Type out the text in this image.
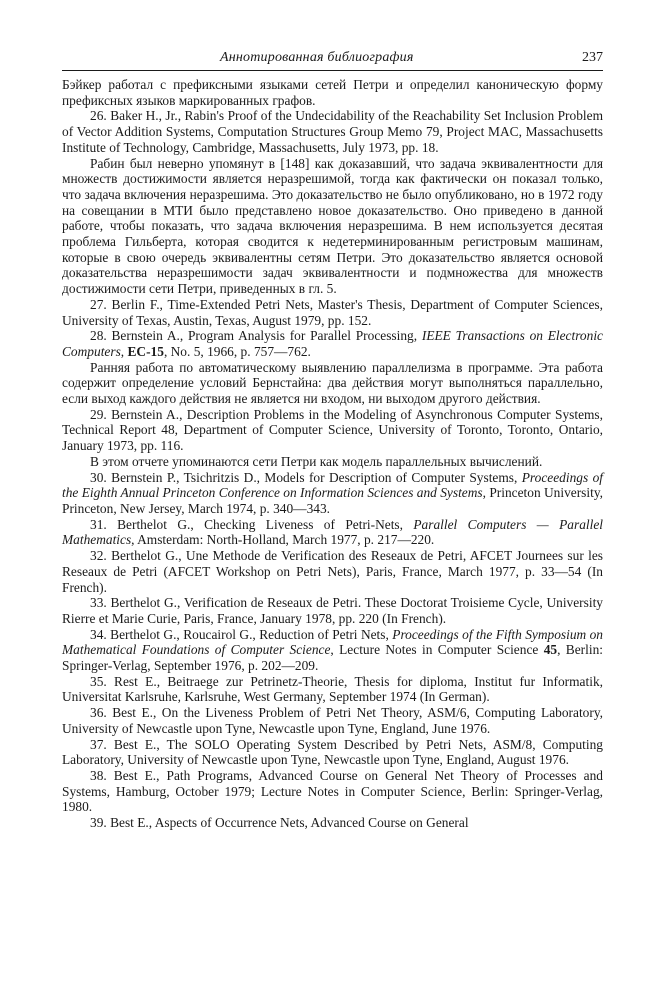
Аннотированная библиография	237

Бэйкер работал с префиксными языками сетей Петри и определил каноническую форму префиксных языков маркированных графов.

26. Baker H., Jr., Rabin's Proof of the Undecidability of the Reachability Set Inclusion Problem of Vector Addition Systems, Computation Structures Group Memo 79, Project MAC, Massachusetts Institute of Technology, Cambridge, Massachusetts, July 1973, pp. 18.

Рабин был неверно упомянут в [148] как доказавший, что задача эквивалентности для множеств достижимости является неразрешимой, тогда как фактически он показал только, что задача включения неразрешима. Это доказательство не было опубликовано, но в 1972 году на совещании в МТИ было представлено новое доказательство. Оно приведено в данной работе, чтобы показать, что задача включения неразрешима. В нем используется десятая проблема Гильберта, которая сводится к недетерминированным регистровым машинам, которые в свою очередь эквивалентны сетям Петри. Это доказательство является основой доказательства неразрешимости задач эквивалентности и подмножества для множеств достижимости сети Петри, приведенных в гл. 5.

27. Berlin F., Time-Extended Petri Nets, Master's Thesis, Department of Computer Sciences, University of Texas, Austin, Texas, August 1979, pp. 152.

28. Bernstein A., Program Analysis for Parallel Processing, IEEE Transactions on Electronic Computers, EC-15, No. 5, 1966, p. 757—762.

Ранняя работа по автоматическому выявлению параллелизма в программе. Эта работа содержит определение условий Бернстайна: два действия могут выполняться параллельно, если выход каждого действия не является ни входом, ни выходом другого действия.

29. Bernstein A., Description Problems in the Modeling of Asynchronous Computer Systems, Technical Report 48, Department of Computer Science, University of Toronto, Toronto, Ontario, January 1973, pp. 116.

В этом отчете упоминаются сети Петри как модель параллельных вычислений.

30. Bernstein P., Tsichritzis D., Models for Description of Computer Systems, Proceedings of the Eighth Annual Princeton Conference on Information Sciences and Systems, Princeton University, Princeton, New Jersey, March 1974, p. 340—343.

31. Berthelot G., Checking Liveness of Petri-Nets, Parallel Computers — Parallel Mathematics, Amsterdam: North-Holland, March 1977, p. 217—220.

32. Berthelot G., Une Methode de Verification des Reseaux de Petri, AFCET Journees sur les Reseaux de Petri (AFCET Workshop on Petri Nets), Paris, France, March 1977, p. 33—54 (In French).

33. Berthelot G., Verification de Reseaux de Petri. These Doctorat Troisieme Cycle, University Rierre et Marie Curie, Paris, France, January 1978, pp. 220 (In French).

34. Berthelot G., Roucairol G., Reduction of Petri Nets, Proceedings of the Fifth Symposium on Mathematical Foundations of Computer Science, Lecture Notes in Computer Science 45, Berlin: Springer-Verlag, September 1976, p. 202—209.

35. Rest E., Beitraege zur Petrinetz-Theorie, Thesis for diploma, Institut fur Informatik, Universitat Karlsruhe, Karlsruhe, West Germany, September 1974 (In German).

36. Best E., On the Liveness Problem of Petri Net Theory, ASM/6, Computing Laboratory, University of Newcastle upon Tyne, Newcastle upon Tyne, England, June 1976.

37. Best E., The SOLO Operating System Described by Petri Nets, ASM/8, Computing Laboratory, University of Newcastle upon Tyne, Newcastle upon Tyne, England, August 1976.

38. Best E., Path Programs, Advanced Course on General Net Theory of Processes and Systems, Hamburg, October 1979; Lecture Notes in Computer Science, Berlin: Springer-Verlag, 1980.

39. Best E., Aspects of Occurrence Nets, Advanced Course on General
